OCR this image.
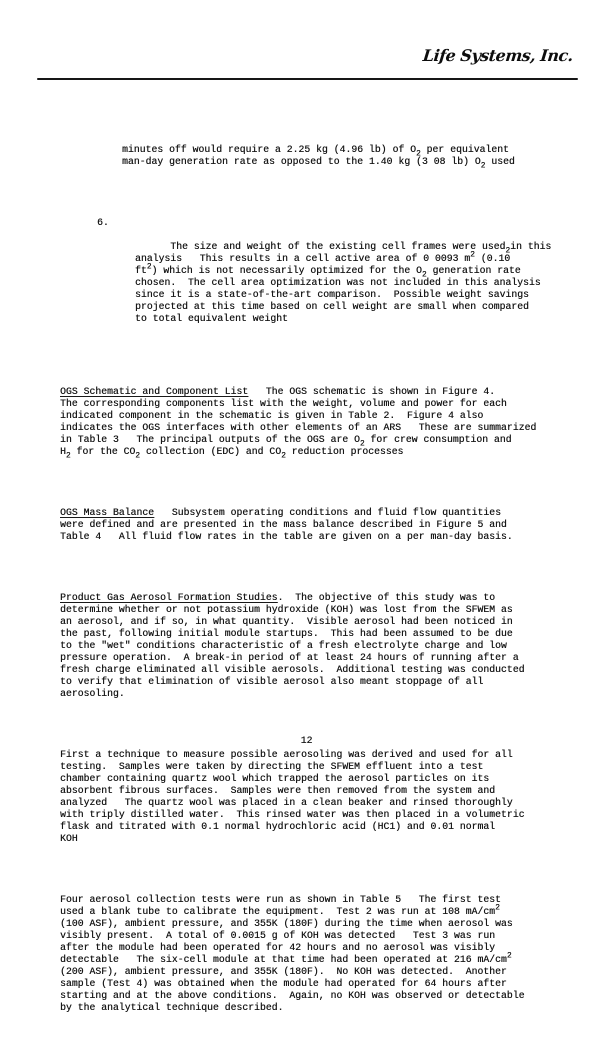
Life Systems, Inc.

minutes off would require a 2.25 kg (4.96 lb) of $O_2$ per equivalent
man-day generation rate as opposed to the 1.40 kg (3 08 lb) $O_2$ used

6.

The size and weight of the existing cell frames were used$_2$in this
analysis   This results in a cell active area of 0 0093 $m^2$ (0.10
$ft^2$) which is not necessarily optimized for the $O_2$ generation rate
chosen.  The cell area optimization was not included in this analysis
since it is a state-of-the-art comparison.  Possible weight savings
projected at this time based on cell weight are small when compared
to total equivalent weight

OGS Schematic and Component List   The OGS schematic is shown in Figure 4.
The corresponding components list with the weight, volume and power for each
indicated component in the schematic is given in Table 2.  Figure 4 also
indicates the OGS interfaces with other elements of an ARS   These are summarized
in Table 3   The principal outputs of the OGS are $O_2$ for crew consumption and
$H_2$ for the $CO_2$ collection (EDC) and $CO_2$ reduction processes

OGS Mass Balance   Subsystem operating conditions and fluid flow quantities
were defined and are presented in the mass balance described in Figure 5 and
Table 4   All fluid flow rates in the table are given on a per man-day basis.

Product Gas Aerosol Formation Studies.  The objective of this study was to
determine whether or not potassium hydroxide (KOH) was lost from the SFWEM as
an aerosol, and if so, in what quantity.  Visible aerosol had been noticed in
the past, following initial module startups.  This had been assumed to be due
to the "wet" conditions characteristic of a fresh electrolyte charge and low
pressure operation.  A break-in period of at least 24 hours of running after a
fresh charge eliminated all visible aerosols.  Additional testing was conducted
to verify that elimination of visible aerosol also meant stoppage of all
aerosoling.

First a technique to measure possible aerosoling was derived and used for all
testing.  Samples were taken by directing the SFWEM effluent into a test
chamber containing quartz wool which trapped the aerosol particles on its
absorbent fibrous surfaces.  Samples were then removed from the system and
analyzed   The quartz wool was placed in a clean beaker and rinsed thoroughly
with triply distilled water.  This rinsed water was then placed in a volumetric
flask and titrated with 0.1 normal hydrochloric acid (HC1) and 0.01 normal
KOH

Four aerosol collection tests were run as shown in Table 5   The first test
used a blank tube to calibrate the equipment.  Test 2 was run at 108 $mA/cm^2$
(100 ASF), ambient pressure, and 355K (180F) during the time when aerosol was
visibly present.  A total of 0.0015 g of KOH was detected   Test 3 was run
after the module had been operated for 42 hours and no aerosol was visibly
detectable   The six-cell module at that time had been operated at 216 $mA/cm^2$
(200 ASF), ambient pressure, and 355K (180F).  No KOH was detected.  Another
sample (Test 4) was obtained when the module had operated for 64 hours after
starting and at the above conditions.  Again, no KOH was observed or detectable
by the analytical technique described.

12
